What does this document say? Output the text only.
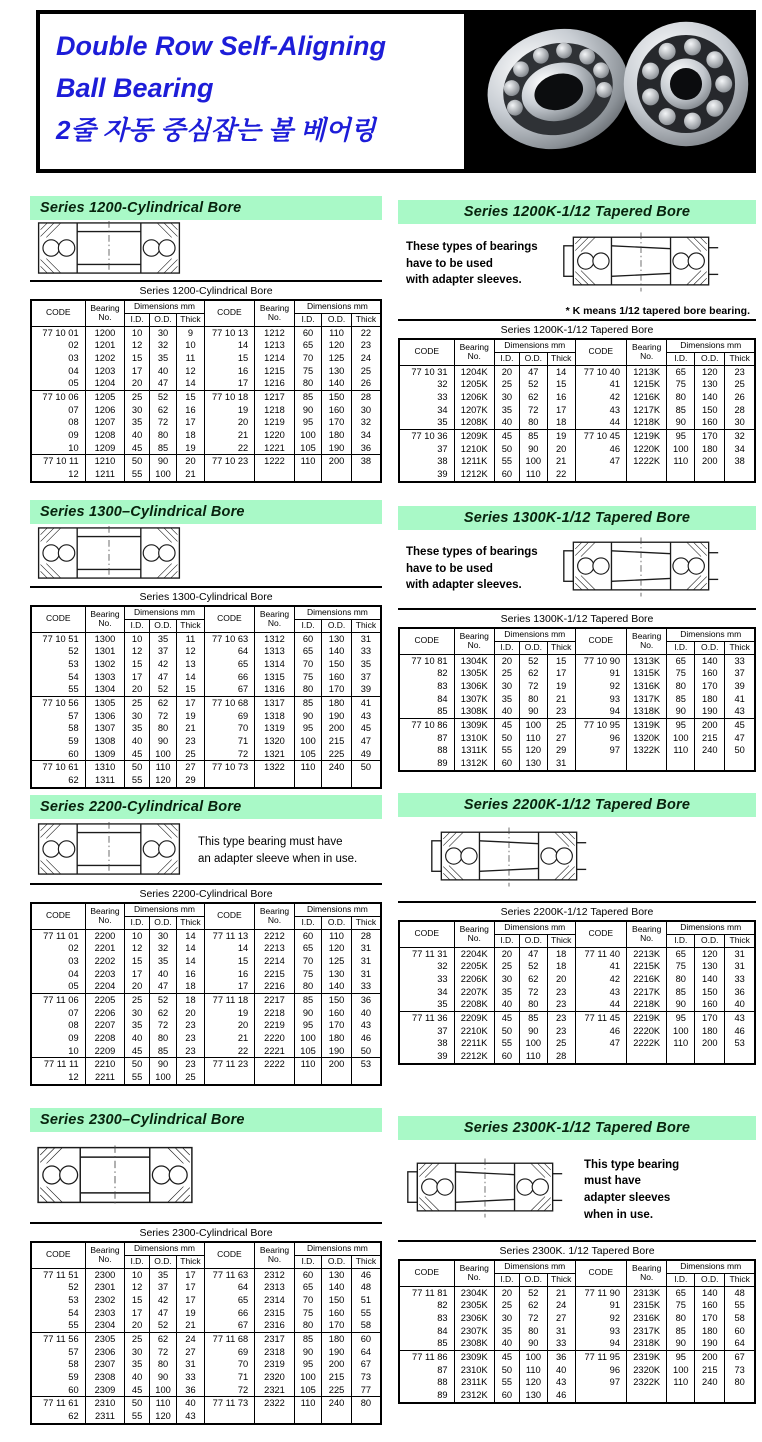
Double Row Self-Aligning
Ball Bearing
2줄 자동 중심잡는 볼 베어링
Series 1200-Cylindrical Bore
Series 1200-Cylindrical Bore
CODE	Bearing No.	Dimensions mm			CODE	Bearing No.	Dimensions mm		
		I.D.	O.D.	Thick			I.D.	O.D.	Thick
77 10 01	1200	10	30	9	77 10 13	1212	60	110	22
02	1201	12	32	10	14	1213	65	120	23
03	1202	15	35	11	15	1214	70	125	24
04	1203	17	40	12	16	1215	75	130	25
05	1204	20	47	14	17	1216	80	140	26
77 10 06	1205	25	52	15	77 10 18	1217	85	150	28
07	1206	30	62	16	19	1218	90	160	30
08	1207	35	72	17	20	1219	95	170	32
09	1208	40	80	18	21	1220	100	180	34
10	1209	45	85	19	22	1221	105	190	36
77 10 11	1210	50	90	20	77 10 23	1222	110	200	38
12	1211	55	100	21					
Series 1200K-1/12 Tapered Bore
These types of bearings
have to be used
with adapter sleeves.
* K means 1/12 tapered bore bearing.
Series 1200K-1/12 Tapered Bore
CODE	Bearing No.	Dimensions mm			CODE	Bearing No.	Dimensions mm		
		I.D.	O.D.	Thick			I.D.	O.D.	Thick
77 10 31	1204K	20	47	14	77 10 40	1213K	65	120	23
32	1205K	25	52	15	41	1215K	75	130	25
33	1206K	30	62	16	42	1216K	80	140	26
34	1207K	35	72	17	43	1217K	85	150	28
35	1208K	40	80	18	44	1218K	90	160	30
77 10 36	1209K	45	85	19	77 10 45	1219K	95	170	32
37	1210K	50	90	20	46	1220K	100	180	34
38	1211K	55	100	21	47	1222K	110	200	38
39	1212K	60	110	22					
Series 1300–Cylindrical Bore
Series 1300-Cylindrical Bore
CODE	Bearing No.	Dimensions mm			CODE	Bearing No.	Dimensions mm		
		I.D.	O.D.	Thick			I.D.	O.D.	Thick
77 10 51	1300	10	35	11	77 10 63	1312	60	130	31
52	1301	12	37	12	64	1313	65	140	33
53	1302	15	42	13	65	1314	70	150	35
54	1303	17	47	14	66	1315	75	160	37
55	1304	20	52	15	67	1316	80	170	39
77 10 56	1305	25	62	17	77 10 68	1317	85	180	41
57	1306	30	72	19	69	1318	90	190	43
58	1307	35	80	21	70	1319	95	200	45
59	1308	40	90	23	71	1320	100	215	47
60	1309	45	100	25	72	1321	105	225	49
77 10 61	1310	50	110	27	77 10 73	1322	110	240	50
62	1311	55	120	29					
Series 1300K-1/12 Tapered Bore
These types of bearings
have to be used
with adapter sleeves.
Series 1300K-1/12 Tapered Bore
CODE	Bearing No.	Dimensions mm			CODE	Bearing No.	Dimensions mm		
		I.D.	O.D.	Thick			I.D.	O.D.	Thick
77 10 81	1304K	20	52	15	77 10 90	1313K	65	140	33
82	1305K	25	62	17	91	1315K	75	160	37
83	1306K	30	72	19	92	1316K	80	170	39
84	1307K	35	80	21	93	1317K	85	180	41
85	1308K	40	90	23	94	1318K	90	190	43
77 10 86	1309K	45	100	25	77 10 95	1319K	95	200	45
87	1310K	50	110	27	96	1320K	100	215	47
88	1311K	55	120	29	97	1322K	110	240	50
89	1312K	60	130	31					
Series 2200-Cylindrical Bore
This type bearing must have
an adapter sleeve when in use.
Series 2200-Cylindrical Bore
CODE	Bearing No.	Dimensions mm			CODE	Bearing No.	Dimensions mm		
		I.D.	O.D.	Thick			I.D.	O.D.	Thick
77 11 01	2200	10	30	14	77 11 13	2212	60	110	28
02	2201	12	32	14	14	2213	65	120	31
03	2202	15	35	14	15	2214	70	125	31
04	2203	17	40	16	16	2215	75	130	31
05	2204	20	47	18	17	2216	80	140	33
77 11 06	2205	25	52	18	77 11 18	2217	85	150	36
07	2206	30	62	20	19	2218	90	160	40
08	2207	35	72	23	20	2219	95	170	43
09	2208	40	80	23	21	2220	100	180	46
10	2209	45	85	23	22	2221	105	190	50
77 11 11	2210	50	90	23	77 11 23	2222	110	200	53
12	2211	55	100	25					
Series 2200K-1/12 Tapered Bore
Series 2200K-1/12 Tapered Bore
CODE	Bearing No.	Dimensions mm			CODE	Bearing No.	Dimensions mm		
		I.D.	O.D.	Thick			I.D.	O.D.	Thick
77 11 31	2204K	20	47	18	77 11 40	2213K	65	120	31
32	2205K	25	52	18	41	2215K	75	130	31
33	2206K	30	62	20	42	2216K	80	140	33
34	2207K	35	72	23	43	2217K	85	150	36
35	2208K	40	80	23	44	2218K	90	160	40
77 11 36	2209K	45	85	23	77 11 45	2219K	95	170	43
37	2210K	50	90	23	46	2220K	100	180	46
38	2211K	55	100	25	47	2222K	110	200	53
39	2212K	60	110	28					
Series 2300–Cylindrical Bore
Series 2300-Cylindrical Bore
CODE	Bearing No.	Dimensions mm			CODE	Bearing No.	Dimensions mm		
		I.D.	O.D.	Thick			I.D.	O.D.	Thick
77 11 51	2300	10	35	17	77 11 63	2312	60	130	46
52	2301	12	37	17	64	2313	65	140	48
53	2302	15	42	17	65	2314	70	150	51
54	2303	17	47	19	66	2315	75	160	55
55	2304	20	52	21	67	2316	80	170	58
77 11 56	2305	25	62	24	77 11 68	2317	85	180	60
57	2306	30	72	27	69	2318	90	190	64
58	2307	35	80	31	70	2319	95	200	67
59	2308	40	90	33	71	2320	100	215	73
60	2309	45	100	36	72	2321	105	225	77
77 11 61	2310	50	110	40	77 11 73	2322	110	240	80
62	2311	55	120	43					
Series 2300K-1/12 Tapered Bore
This type bearing
must have
adapter sleeves
when in use.
Series 2300K. 1/12 Tapered Bore
CODE	Bearing No.	Dimensions mm			CODE	Bearing No.	Dimensions mm		
		I.D.	O.D.	Thick			I.D.	O.D.	Thick
77 11 81	2304K	20	52	21	77 11 90	2313K	65	140	48
82	2305K	25	62	24	91	2315K	75	160	55
83	2306K	30	72	27	92	2316K	80	170	58
84	2307K	35	80	31	93	2317K	85	180	60
85	2308K	40	90	33	94	2318K	90	190	64
77 11 86	2309K	45	100	36	77 11 95	2319K	95	200	67
87	2310K	50	110	40	96	2320K	100	215	73
88	2311K	55	120	43	97	2322K	110	240	80
89	2312K	60	130	46					
